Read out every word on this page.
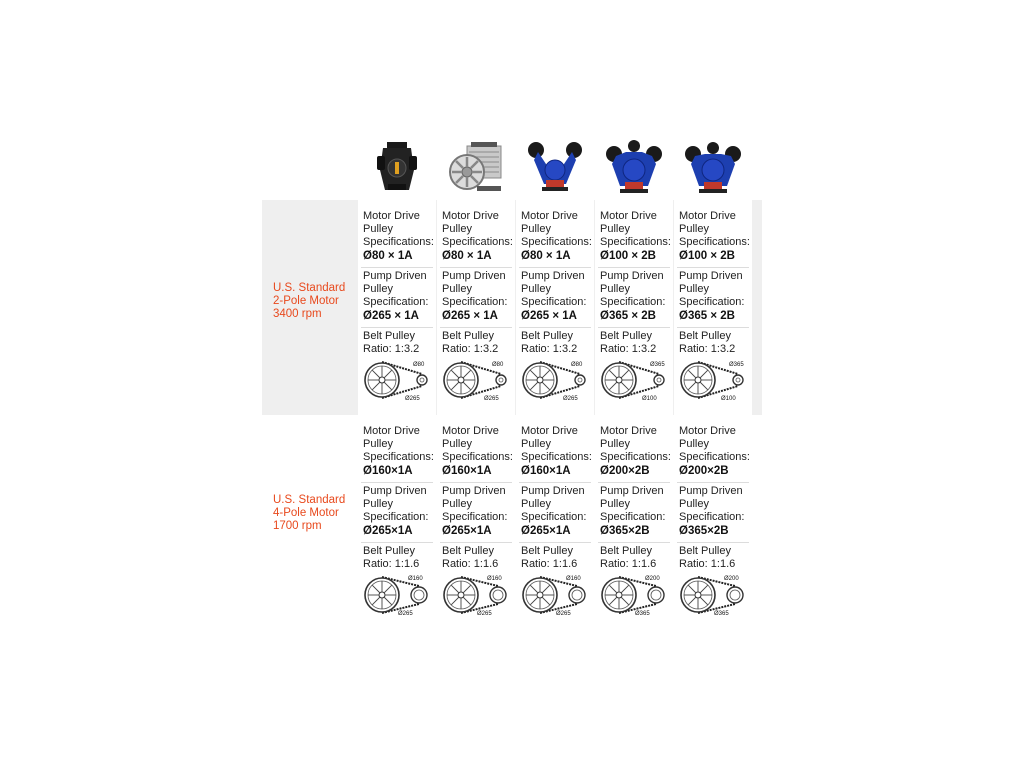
U.S. Standard
2-Pole Motor
3400 rpm
Motor Drive
Pulley
Specifications:
Ø80 × 1A
Pump Driven
Pulley
Specification:
Ø265 × 1A
Belt Pulley
Ratio: 1:3.2
Ø80
Ø265
Motor Drive
Pulley
Specifications:
Ø80 × 1A
Pump Driven
Pulley
Specification:
Ø265 × 1A
Belt Pulley
Ratio: 1:3.2
Ø80
Ø265
Motor Drive
Pulley
Specifications:
Ø80 × 1A
Pump Driven
Pulley
Specification:
Ø265 × 1A
Belt Pulley
Ratio: 1:3.2
Ø80
Ø265
Motor Drive
Pulley
Specifications:
Ø100 × 2B
Pump Driven
Pulley
Specification:
Ø365 × 2B
Belt Pulley
Ratio: 1:3.2
Ø365
Ø100
Motor Drive
Pulley
Specifications:
Ø100 × 2B
Pump Driven
Pulley
Specification:
Ø365 × 2B
Belt Pulley
Ratio: 1:3.2
Ø365
Ø100
U.S. Standard
4-Pole Motor
1700 rpm
Motor Drive
Pulley
Specifications:
Ø160×1A
Pump Driven
Pulley
Specification:
Ø265×1A
Belt Pulley
Ratio: 1:1.6
Ø160
Ø265
Motor Drive
Pulley
Specifications:
Ø160×1A
Pump Driven
Pulley
Specification:
Ø265×1A
Belt Pulley
Ratio: 1:1.6
Ø160
Ø265
Motor Drive
Pulley
Specifications:
Ø160×1A
Pump Driven
Pulley
Specification:
Ø265×1A
Belt Pulley
Ratio: 1:1.6
Ø160
Ø265
Motor Drive
Pulley
Specifications:
Ø200×2B
Pump Driven
Pulley
Specification:
Ø365×2B
Belt Pulley
Ratio: 1:1.6
Ø200
Ø365
Motor Drive
Pulley
Specifications:
Ø200×2B
Pump Driven
Pulley
Specification:
Ø365×2B
Belt Pulley
Ratio: 1:1.6
Ø200
Ø365
